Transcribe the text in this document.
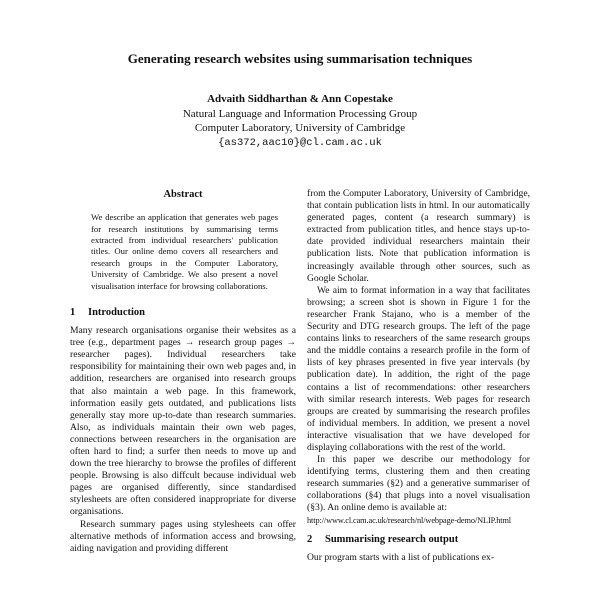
Generating research websites using summarisation techniques
Advaith Siddharthan & Ann Copestake
Natural Language and Information Processing Group
Computer Laboratory, University of Cambridge
{as372,aac10}@cl.cam.ac.uk
Abstract

We describe an application that generates web pages for research institutions by summarising terms extracted from individual researchers' publication titles. Our online demo covers all researchers and research groups in the Computer Laboratory, University of Cambridge. We also present a novel visualisation interface for browsing collaborations.

1 Introduction

Many research organisations organise their websites as a tree (e.g., department pages → research group pages → researcher pages). Individual researchers take responsibility for maintaining their own web pages and, in addition, researchers are organised into research groups that also maintain a web page. In this framework, information easily gets outdated, and publications lists generally stay more up-to-date than research summaries. Also, as individuals maintain their own web pages, connections between researchers in the organisation are often hard to find; a surfer then needs to move up and down the tree hierarchy to browse the profiles of different people. Browsing is also diffcult because individual web pages are organised differently, since standardised stylesheets are often considered inappropriate for diverse organisations.

Research summary pages using stylesheets can offer alternative methods of information access and browsing, aiding navigation and providing different

from the Computer Laboratory, University of Cambridge, that contain publication lists in html. In our automatically generated pages, content (a research summary) is extracted from publication titles, and hence stays up-to-date provided individual researchers maintain their publication lists. Note that publication information is increasingly available through other sources, such as Google Scholar.

We aim to format information in a way that facilitates browsing; a screen shot is shown in Figure 1 for the researcher Frank Stajano, who is a member of the Security and DTG research groups. The left of the page contains links to researchers of the same research groups and the middle contains a research profile in the form of lists of key phrases presented in five year intervals (by publication date). In addition, the right of the page contains a list of recommendations: other researchers with similar research interests. Web pages for research groups are created by summarising the research profiles of individual members. In addition, we present a novel interactive visualisation that we have developed for displaying collaborations with the rest of the world.

In this paper we describe our methodology for identifying terms, clustering them and then creating research summaries (§2) and a generative summariser of collaborations (§4) that plugs into a novel visualisation (§3). An online demo is available at:

http://www.cl.cam.ac.uk/research/nl/webpage-demo/NLIP.html

2 Summarising research output

Our program starts with a list of publications ex-
